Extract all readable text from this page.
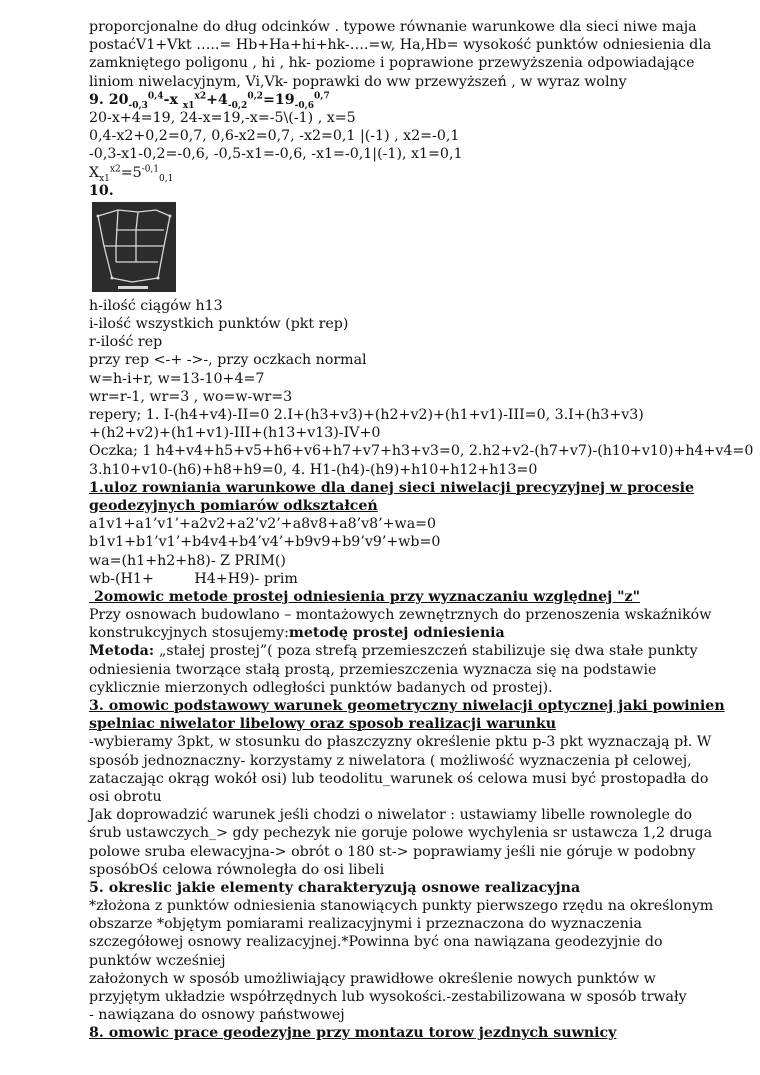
proporcjonalne do dług odcinków . typowe równanie warunkowe dla sieci niwe maja
postaćV1+Vkt …..= Hb+Ha+hi+hk-….=w, Ha,Hb= wysokość punktów odniesienia dla
zamkniętego poligonu , hi , hk- poziome i poprawione przewyższenia odpowiadające
liniom niwelacyjnym, Vi,Vk- poprawki do ww przewyższeń , w wyraz wolny
9. $20_{-0,3}^{0,4}-x$ $_{x1}^{x2}+4_{-0,2}^{0,2}=19_{-0,6}^{0,7}$
20-x+4=19, 24-x=19,-x=-5\(-1) , x=5
0,4-x2+0,2=0,7, 0,6-x2=0,7, -x2=0,1 |(-1) , x2=-0,1
-0,3-x1-0,2=-0,6, -0,5-x1=-0,6, -x1=-0,1|(-1), x1=0,1
$X_{x1}^{x2}=5^{-0,1}_{0,1}$
10.
h-ilość ciągów h13
i-ilość wszystkich punktów (pkt rep)
r-ilość rep
przy rep <-+ ->-, przy oczkach normal
w=h-i+r, w=13-10+4=7
wr=r-1, wr=3 , wo=w-wr=3
repery; 1. I-(h4+v4)-II=0 2.I+(h3+v3)+(h2+v2)+(h1+v1)-III=0, 3.I+(h3+v3)
+(h2+v2)+(h1+v1)-III+(h13+v13)-IV+0
Oczka; 1 h4+v4+h5+v5+h6+v6+h7+v7+h3+v3=0, 2.h2+v2-(h7+v7)-(h10+v10)+h4+v4=0
3.h10+v10-(h6)+h8+h9=0, 4. H1-(h4)-(h9)+h10+h12+h13=0
1.uloz rowniania warunkowe dla danej sieci niwelacji precyzyjnej w procesie
geodezyjnych pomiarów odkształceń
a1v1+a1’v1’+a2v2+a2’v2’+a8v8+a8’v8’+wa=0
b1v1+b1’v1’+b4v4+b4’v4’+b9v9+b9’v9’+wb=0
wa=(h1+h2+h8)- Z PRIM()
wb-(H1+         H4+H9)- prim
2omowic metode prostej odniesienia przy wyznaczaniu względnej "z"
Przy osnowach budowlano – montażowych zewnętrznych do przenoszenia wskaźników
konstrukcyjnych stosujemy:metodę prostej odniesienia
Metoda: „stałej prostej”( poza strefą przemieszczeń stabilizuje się dwa stałe punkty
odniesienia tworzące stałą prostą, przemieszczenia wyznacza się na podstawie
cyklicznie mierzonych odległości punktów badanych od prostej).
3. omowic podstawowy warunek geometryczny niwelacji optycznej jaki powinien
spelniac niwelator libelowy oraz sposob realizacji warunku
-wybieramy 3pkt, w stosunku do płaszczyzny określenie pktu p-3 pkt wyznaczają pł. W
sposób jednoznaczny- korzystamy z niwelatora ( możliwość wyznaczenia pł celowej,
zataczając okrąg wokół osi) lub teodolitu_warunek oś celowa musi być prostopadła do
osi obrotu
Jak doprowadzić warunek jeśli chodzi o niwelator : ustawiamy libelle rownolegle do
śrub ustawczych_> gdy pechezyk nie goruje polowe wychylenia sr ustawcza 1,2 druga
polowe sruba elewacyjna-> obrót o 180 st-> poprawiamy jeśli nie góruje w podobny
sposóbOś celowa równoległa do osi libeli
5. okreslic jakie elementy charakteryzują osnowe realizacyjna
*złożona z punktów odniesienia stanowiących punkty pierwszego rzędu na określonym
obszarze *objętym pomiarami realizacyjnymi i przeznaczona do wyznaczenia
szczegółowej osnowy realizacyjnej.*Powinna być ona nawiązana geodezyjnie do
punktów wcześniej
założonych w sposób umożliwiający prawidłowe określenie nowych punktów w
przyjętym układzie współrzędnych lub wysokości.-zestabilizowana w sposób trwały
- nawiązana do osnowy państwowej
8. omowic prace geodezyjne przy montazu torow jezdnych suwnicy
